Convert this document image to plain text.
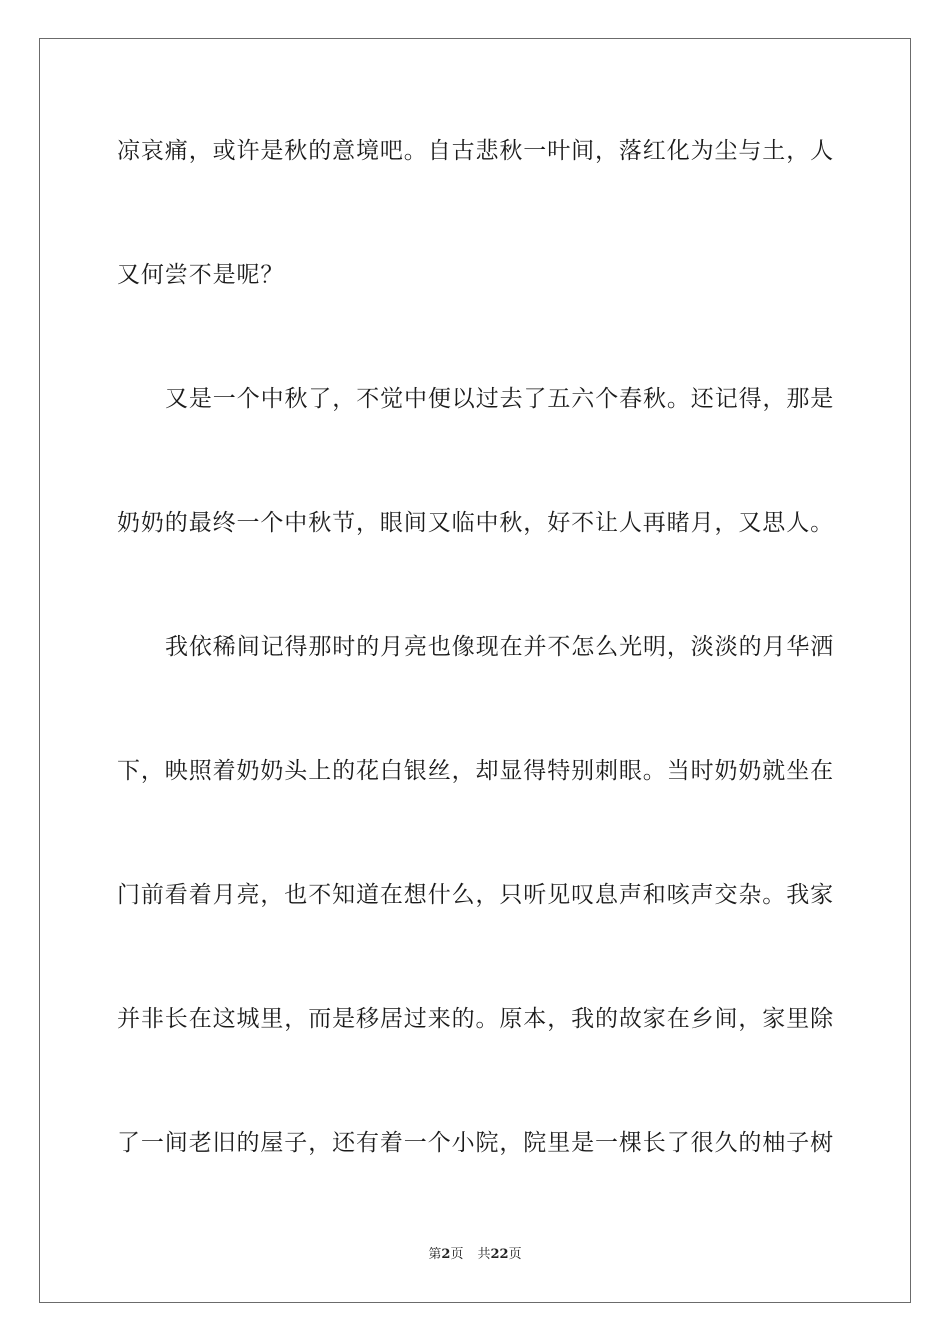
凉哀痛，或许是秋的意境吧。自古悲秋一叶间，落红化为尘与土，人
又何尝不是呢？
又是一个中秋了，不觉中便以过去了五六个春秋。还记得，那是
奶奶的最终一个中秋节，眼间又临中秋，好不让人再睹月，又思人。
我依稀间记得那时的月亮也像现在并不怎么光明，淡淡的月华洒
下，映照着奶奶头上的花白银丝，却显得特别刺眼。当时奶奶就坐在
门前看着月亮，也不知道在想什么，只听见叹息声和咳声交杂。我家
并非长在这城里，而是移居过来的。原本，我的故家在乡间，家里除
了一间老旧的屋子，还有着一个小院，院里是一棵长了很久的柚子树
第2页 共22页
